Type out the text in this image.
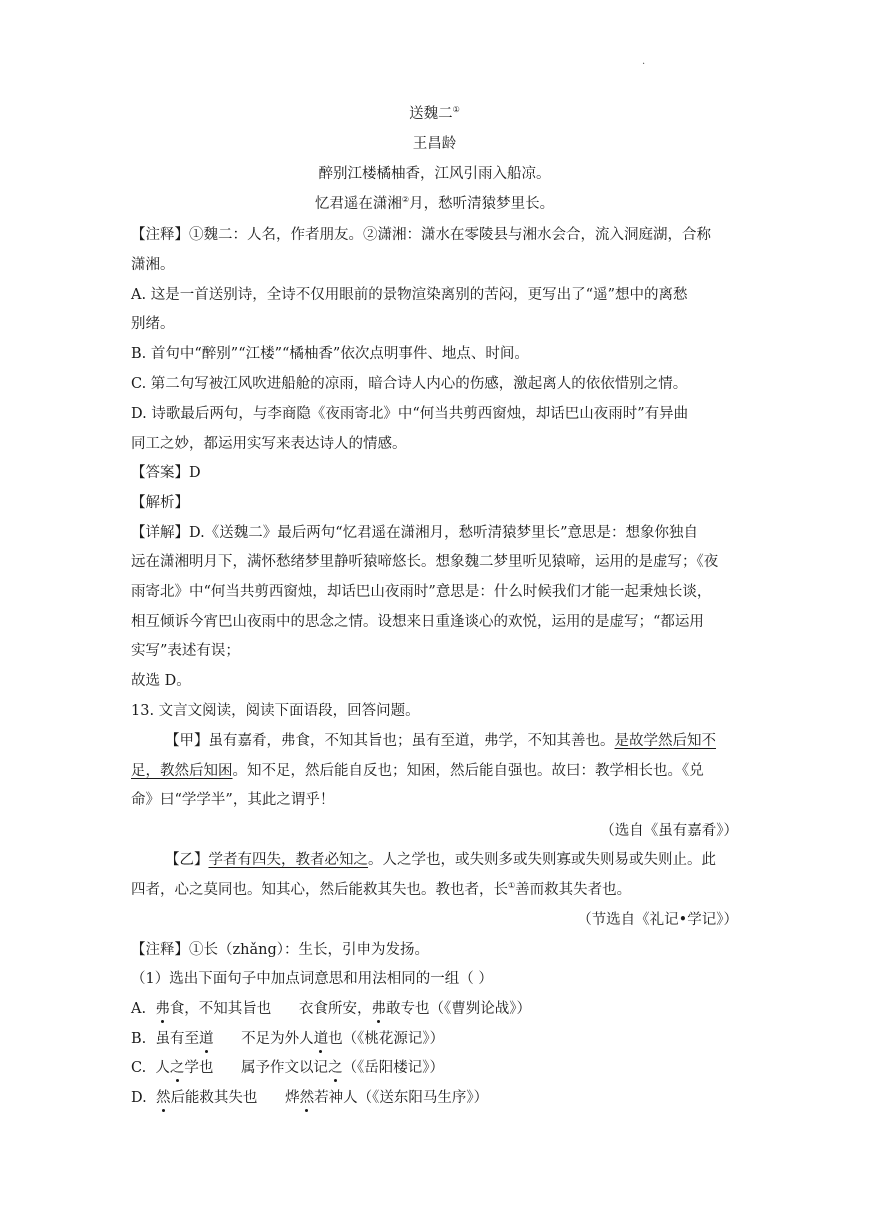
.
送魏二①
王昌龄
醉别江楼橘柚香，江风引雨入船凉。
忆君遥在潇湘②月，愁听清猿梦里长。
【注释】①魏二：人名，作者朋友。②潇湘：潇水在零陵县与湘水会合，流入洞庭湖，合称
潇湘。
A. 这是一首送别诗，全诗不仅用眼前的景物渲染离别的苦闷，更写出了“遥”想中的离愁
别绪。
B. 首句中“醉别”“江楼”“橘柚香”依次点明事件、地点、时间。
C. 第二句写被江风吹进船舱的凉雨，暗合诗人内心的伤感，激起离人的依依惜别之情。
D. 诗歌最后两句，与李商隐《夜雨寄北》中“何当共剪西窗烛，却话巴山夜雨时”有异曲
同工之妙，都运用实写来表达诗人的情感。
【答案】D
【解析】
【详解】D.《送魏二》最后两句“忆君遥在潇湘月，愁听清猿梦里长”意思是：想象你独自
远在潇湘明月下，满怀愁绪梦里静听猿啼悠长。想象魏二梦里听见猿啼，运用的是虚写；《夜
雨寄北》中“何当共剪西窗烛，却话巴山夜雨时”意思是：什么时候我们才能一起秉烛长谈，
相互倾诉今宵巴山夜雨中的思念之情。设想来日重逢谈心的欢悦，运用的是虚写；“都运用
实写”表述有误；
故选 D。
13. 文言文阅读，阅读下面语段，回答问题。
【甲】虽有嘉肴，弗食，不知其旨也；虽有至道，弗学，不知其善也。是故学然后知不
足，教然后知困。知不足，然后能自反也；知困，然后能自强也。故曰：教学相长也。《兑
命》曰“学学半”，其此之谓乎！
（选自《虽有嘉肴》）
【乙】学者有四失，教者必知之。人之学也，或失则多或失则寡或失则易或失则止。此
四者，心之莫同也。知其心，然后能救其失也。教也者，长①善而救其失者也。
（节选自《礼记•学记》）
【注释】①长（zhǎng）：生长，引申为发扬。
（1）选出下面句子中加点词意思和用法相同的一组（ ）
A.  弗食，不知其旨也      衣食所安，弗敢专也（《曹刿论战》）
B.  虽有至道      不足为外人道也（《桃花源记》）
C.  人之学也      属予作文以记之（《岳阳楼记》）
D.  然后能救其失也      烨然若神人（《送东阳马生序》）
